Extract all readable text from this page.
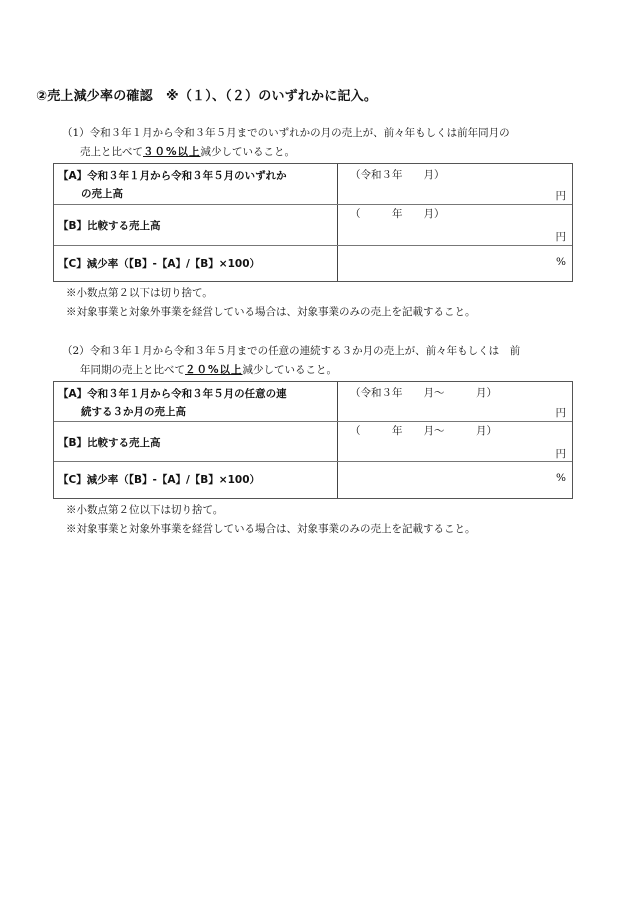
②売上減少率の確認　※（１）、（２）のいずれかに記入。
（1）令和３年１月から令和３年５月までのいずれかの月の売上が、前々年もしくは前年同月の
売上と比べて３０%以上減少していること。
【A】令和３年１月から令和３年５月のいずれか
の売上高
（令和３年　　月）
円
【B】比較する売上高
（　　　年　　月）
円
【C】減少率（【B】-【A】/【B】×100）	%
※小数点第２以下は切り捨て。
※対象事業と対象外事業を経営している場合は、対象事業のみの売上を記載すること。
（2）令和３年１月から令和３年５月までの任意の連続する３か月の売上が、前々年もしくは　前
年同期の売上と比べて２０%以上減少していること。
【A】令和３年１月から令和３年５月の任意の連
続する３か月の売上高
（令和３年　　月～　　　月）
円
【B】比較する売上高
（　　　年　　月～　　　月）
円
【C】減少率（【B】-【A】/【B】×100）	%
※小数点第２位以下は切り捨て。
※対象事業と対象外事業を経営している場合は、対象事業のみの売上を記載すること。
